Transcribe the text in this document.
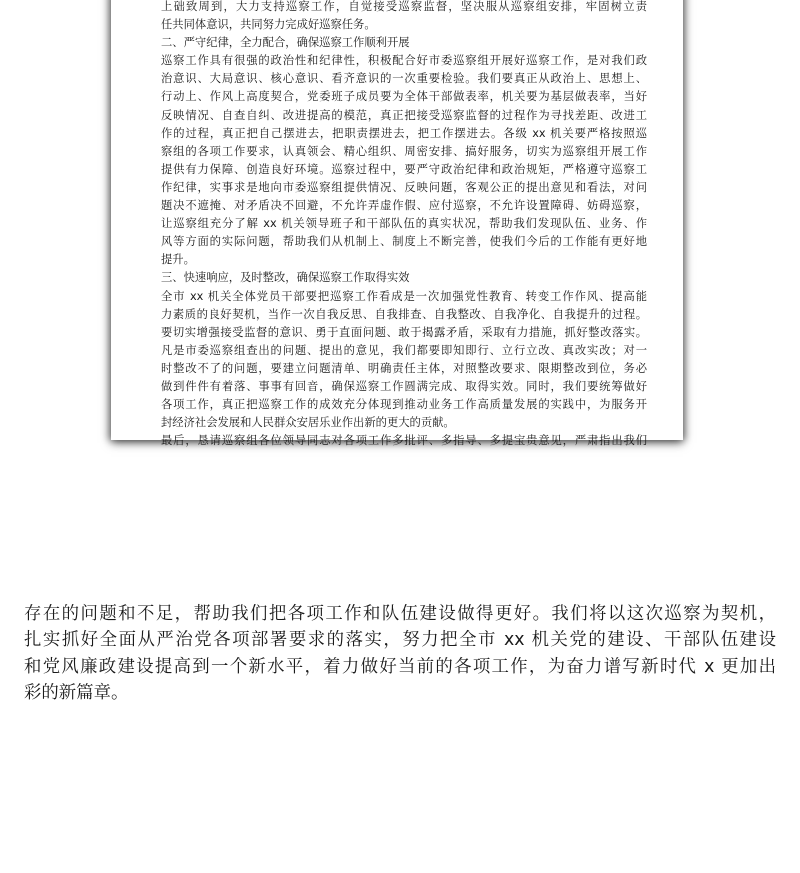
上础致周到，大力支持巡察工作，自觉接受巡察监督，坚决服从巡察组安排，牢固树立责
任共同体意识，共同努力完成好巡察任务。
二、严守纪律，全力配合，确保巡察工作顺利开展
巡察工作具有很强的政治性和纪律性，积极配合好市委巡察组开展好巡察工作，是对我们政
治意识、大局意识、核心意识、看齐意识的一次重要检验。我们要真正从政治上、思想上、
行动上、作风上高度契合，党委班子成员要为全体干部做表率，机关要为基层做表率，当好
反映情况、自查自纠、改进提高的模范，真正把接受巡察监督的过程作为寻找差距、改进工
作的过程，真正把自己摆进去，把职责摆进去，把工作摆进去。各级 xx 机关要严格按照巡
察组的各项工作要求，认真领会、精心组织、周密安排、搞好服务，切实为巡察组开展工作
提供有力保障、创造良好环境。巡察过程中，要严守政治纪律和政治规矩，严格遵守巡察工
作纪律，实事求是地向市委巡察组提供情况、反映问题，客观公正的提出意见和看法，对问
题决不遮掩、对矛盾决不回避，不允许弄虚作假、应付巡察，不允许设置障碍、妨碍巡察，
让巡察组充分了解 xx 机关领导班子和干部队伍的真实状况，帮助我们发现队伍、业务、作
风等方面的实际问题，帮助我们从机制上、制度上不断完善，使我们今后的工作能有更好地
提升。
三、快速响应，及时整改，确保巡察工作取得实效
全市 xx 机关全体党员干部要把巡察工作看成是一次加强党性教育、转变工作作风、提高能
力素质的良好契机，当作一次自我反思、自我排查、自我整改、自我净化、自我提升的过程。
要切实增强接受监督的意识、勇于直面问题、敢于揭露矛盾，采取有力措施，抓好整改落实。
凡是市委巡察组查出的问题、提出的意见，我们都要即知即行、立行立改、真改实改；对一
时整改不了的问题，要建立问题清单、明确责任主体，对照整改要求、限期整改到位，务必
做到件件有着落、事事有回音，确保巡察工作圆满完成、取得实效。同时，我们要统筹做好
各项工作，真正把巡察工作的成效充分体现到推动业务工作高质量发展的实践中，为服务开
封经济社会发展和人民群众安居乐业作出新的更大的贡献。
最后，恳请巡察组各位领导同志对各项工作多批评、多指导、多提宝贵意见，严肃指出我们
存在的问题和不足，帮助我们把各项工作和队伍建设做得更好。我们将以这次巡察为契机，
扎实抓好全面从严治党各项部署要求的落实，努力把全市 xx 机关党的建设、干部队伍建设
和党风廉政建设提高到一个新水平，着力做好当前的各项工作，为奋力谱写新时代 x 更加出
彩的新篇章。
